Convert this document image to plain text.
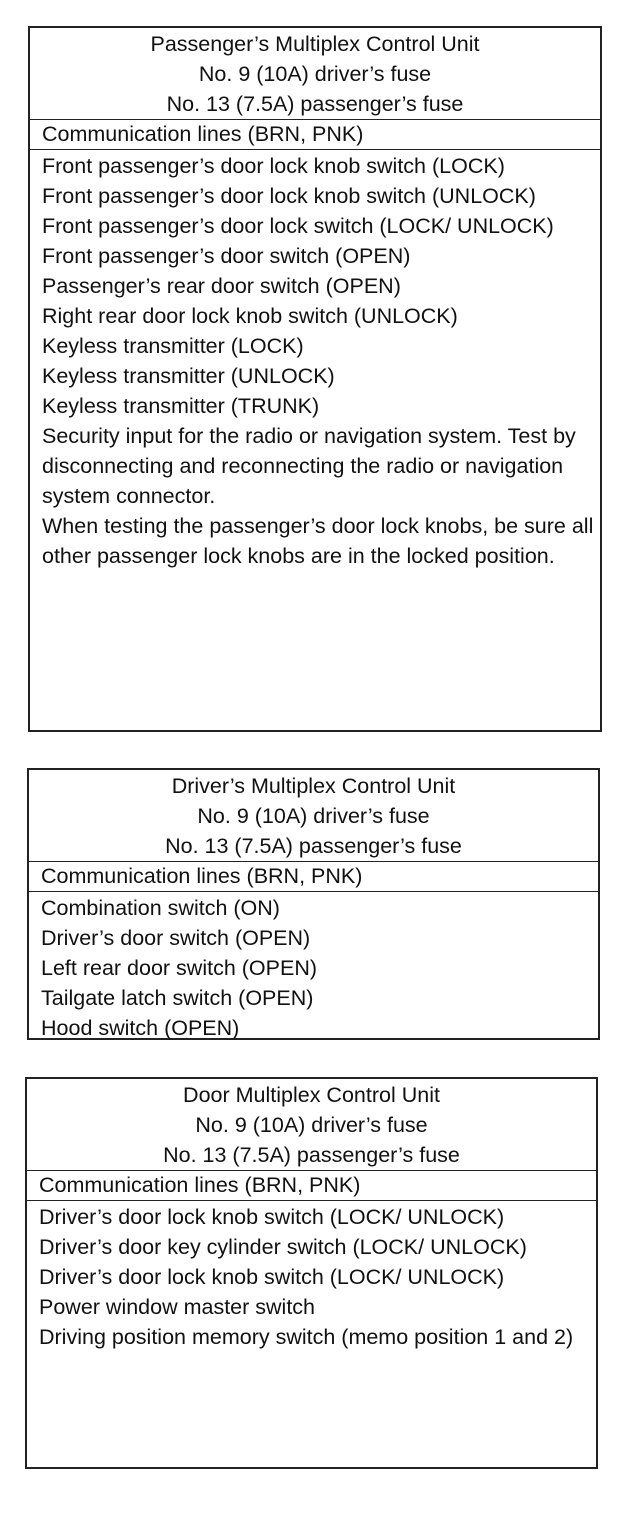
Passenger’s Multiplex Control Unit
No. 9 (10A) driver’s fuse
No. 13 (7.5A) passenger’s fuse
Communication lines (BRN, PNK)
Front passenger’s door lock knob switch (LOCK)
Front passenger’s door lock knob switch (UNLOCK)
Front passenger’s door lock switch (LOCK/ UNLOCK)
Front passenger’s door switch (OPEN)
Passenger’s rear door switch (OPEN)
Right rear door lock knob switch (UNLOCK)
Keyless transmitter (LOCK)
Keyless transmitter (UNLOCK)
Keyless transmitter (TRUNK)
Security input for the radio or navigation system. Test by disconnecting and reconnecting the radio or navigation system connector.
When testing the passenger’s door lock knobs, be sure all other passenger lock knobs are in the locked position.
Driver’s Multiplex Control Unit
No. 9 (10A) driver’s fuse
No. 13 (7.5A) passenger’s fuse
Communication lines (BRN, PNK)
Combination switch (ON)
Driver’s door switch (OPEN)
Left rear door switch (OPEN)
Tailgate latch switch (OPEN)
Hood switch (OPEN)
Door Multiplex Control Unit
No. 9 (10A) driver’s fuse
No. 13 (7.5A) passenger’s fuse
Communication lines (BRN, PNK)
Driver’s door lock knob switch (LOCK/ UNLOCK)
Driver’s door key cylinder switch (LOCK/ UNLOCK)
Driver’s door lock knob switch (LOCK/ UNLOCK)
Power window master switch
Driving position memory switch (memo position 1 and 2)
